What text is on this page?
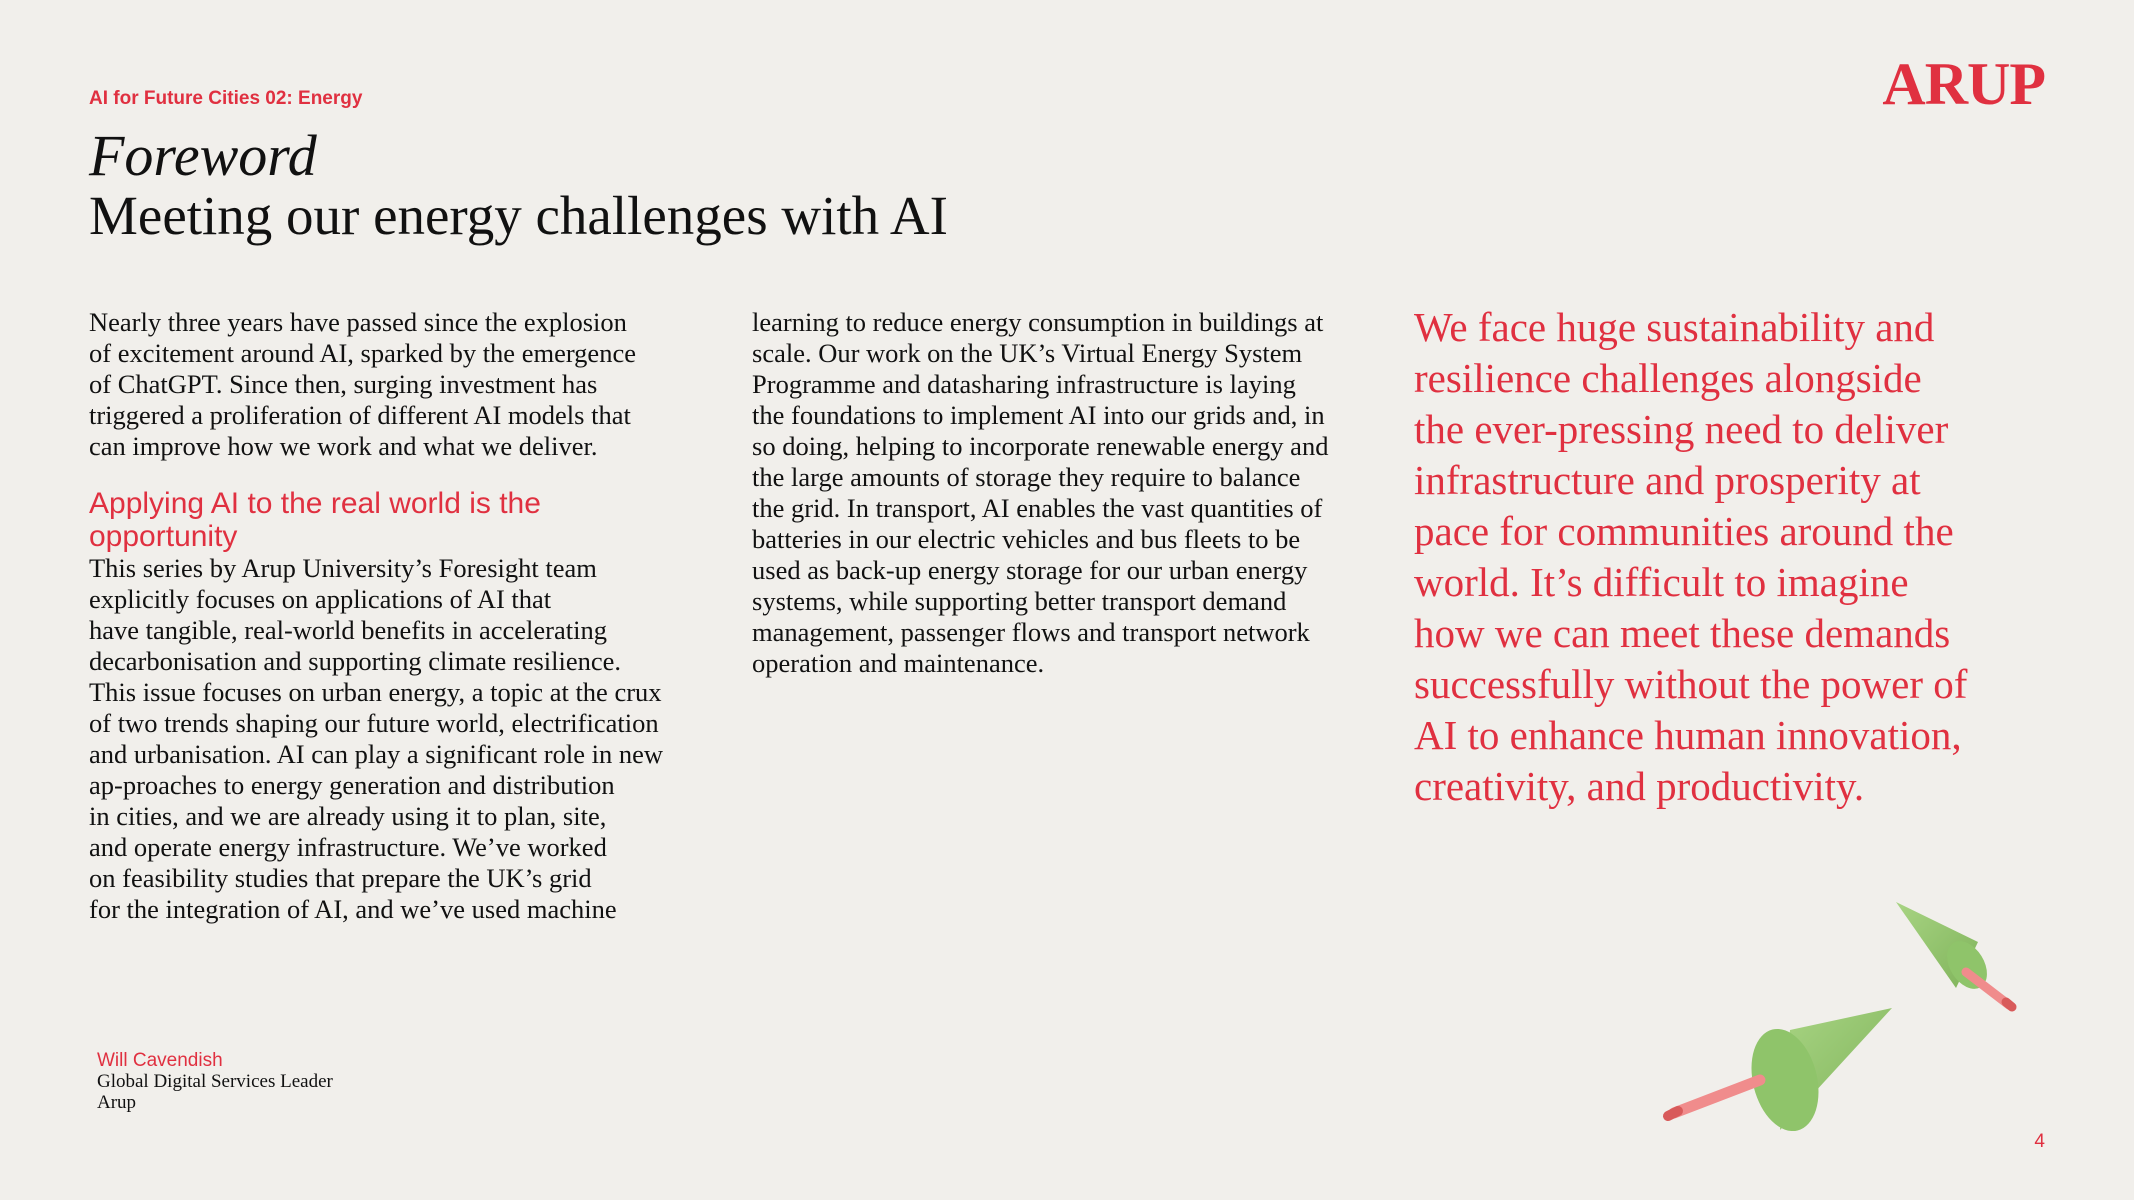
AI for Future Cities 02: Energy	ARUP
Foreword
Meeting our energy challenges with AI

Nearly three years have passed since the explosion
of excitement around AI, sparked by the emergence
of ChatGPT. Since then, surging investment has
triggered a proliferation of different AI models that
can improve how we work and what we deliver.

Applying AI to the real world is the
opportunity

This series by Arup University’s Foresight team
explicitly focuses on applications of AI that
have tangible, real-world benefits in accelerating
decarbonisation and supporting climate resilience.
This issue focuses on urban energy, a topic at the crux
of two trends shaping our future world, electrification
and urbanisation. AI can play a significant role in new
ap-proaches to energy generation and distribution
in cities, and we are already using it to plan, site,
and operate energy infrastructure. We’ve worked
on feasibility studies that prepare the UK’s grid
for the integration of AI, and we’ve used machine

learning to reduce energy consumption in buildings at
scale. Our work on the UK’s Virtual Energy System
Programme and datasharing infrastructure is laying
the foundations to implement AI into our grids and, in
so doing, helping to incorporate renewable energy and
the large amounts of storage they require to balance
the grid. In transport, AI enables the vast quantities of
batteries in our electric vehicles and bus fleets to be
used as back-up energy storage for our urban energy
systems, while supporting better transport demand
management, passenger flows and transport network
operation and maintenance.

We face huge sustainability and
resilience challenges alongside
the ever-pressing need to deliver
infrastructure and prosperity at
pace for communities around the
world. It’s difficult to imagine
how we can meet these demands
successfully without the power of
AI to enhance human innovation,
creativity, and productivity.
Will Cavendish
Global Digital Services Leader
Arup
4
